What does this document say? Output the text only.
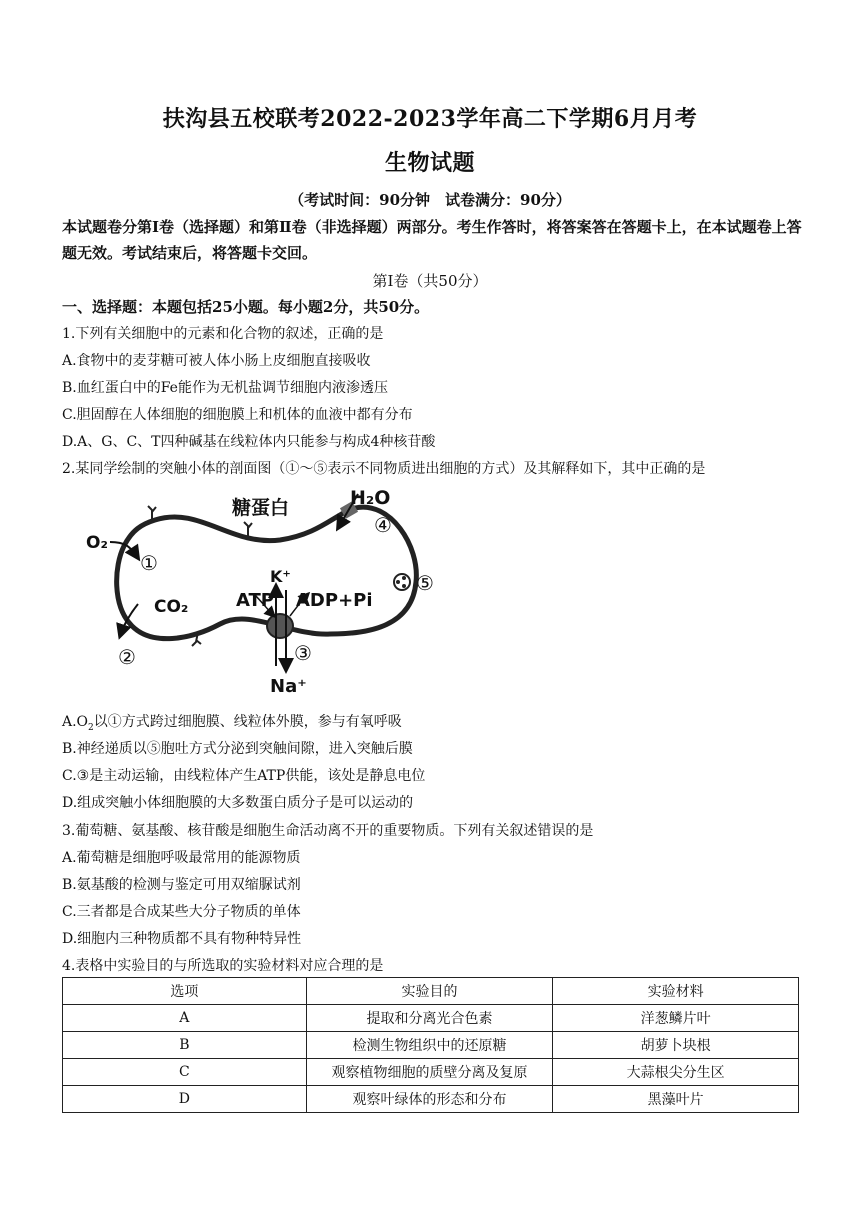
扶沟县五校联考2022-2023学年高二下学期6月月考
生物试题
（考试时间：90分钟　试卷满分：90分）
本试题卷分第Ⅰ卷（选择题）和第Ⅱ卷（非选择题）两部分。考生作答时，将答案答在答题卡上，在本试题卷上答题无效。考试结束后，将答题卡交回。
第Ⅰ卷（共50分）
一、选择题：本题包括25小题。每小题2分，共50分。
1.下列有关细胞中的元素和化合物的叙述，正确的是
A.食物中的麦芽糖可被人体小肠上皮细胞直接吸收
B.血红蛋白中的Fe能作为无机盐调节细胞内液渗透压
C.胆固醇在人体细胞的细胞膜上和机体的血液中都有分布
D.A、G、C、T四种碱基在线粒体内只能参与构成4种核苷酸
2.某同学绘制的突触小体的剖面图（①～⑤表示不同物质进出细胞的方式）及其解释如下，其中正确的是
糖蛋白	H₂O
O₂
CO₂
K⁺
ATP ADP+Pi
Na⁺
①
②	③
④
⑤
$A.O_2$以①方式跨过细胞膜、线粒体外膜，参与有氧呼吸
B.神经递质以⑤胞吐方式分泌到突触间隙，进入突触后膜
C.③是主动运输，由线粒体产生ATP供能，该处是静息电位
D.组成突触小体细胞膜的大多数蛋白质分子是可以运动的
3.葡萄糖、氨基酸、核苷酸是细胞生命活动离不开的重要物质。下列有关叙述错误的是
A.葡萄糖是细胞呼吸最常用的能源物质
B.氨基酸的检测与鉴定可用双缩脲试剂
C.三者都是合成某些大分子物质的单体
D.细胞内三种物质都不具有物种特异性
4.表格中实验目的与所选取的实验材料对应合理的是
选项	实验目的	实验材料
A	提取和分离光合色素	洋葱鳞片叶
B	检测生物组织中的还原糖	胡萝卜块根
C	观察植物细胞的质壁分离及复原	大蒜根尖分生区
D	观察叶绿体的形态和分布	黑藻叶片
